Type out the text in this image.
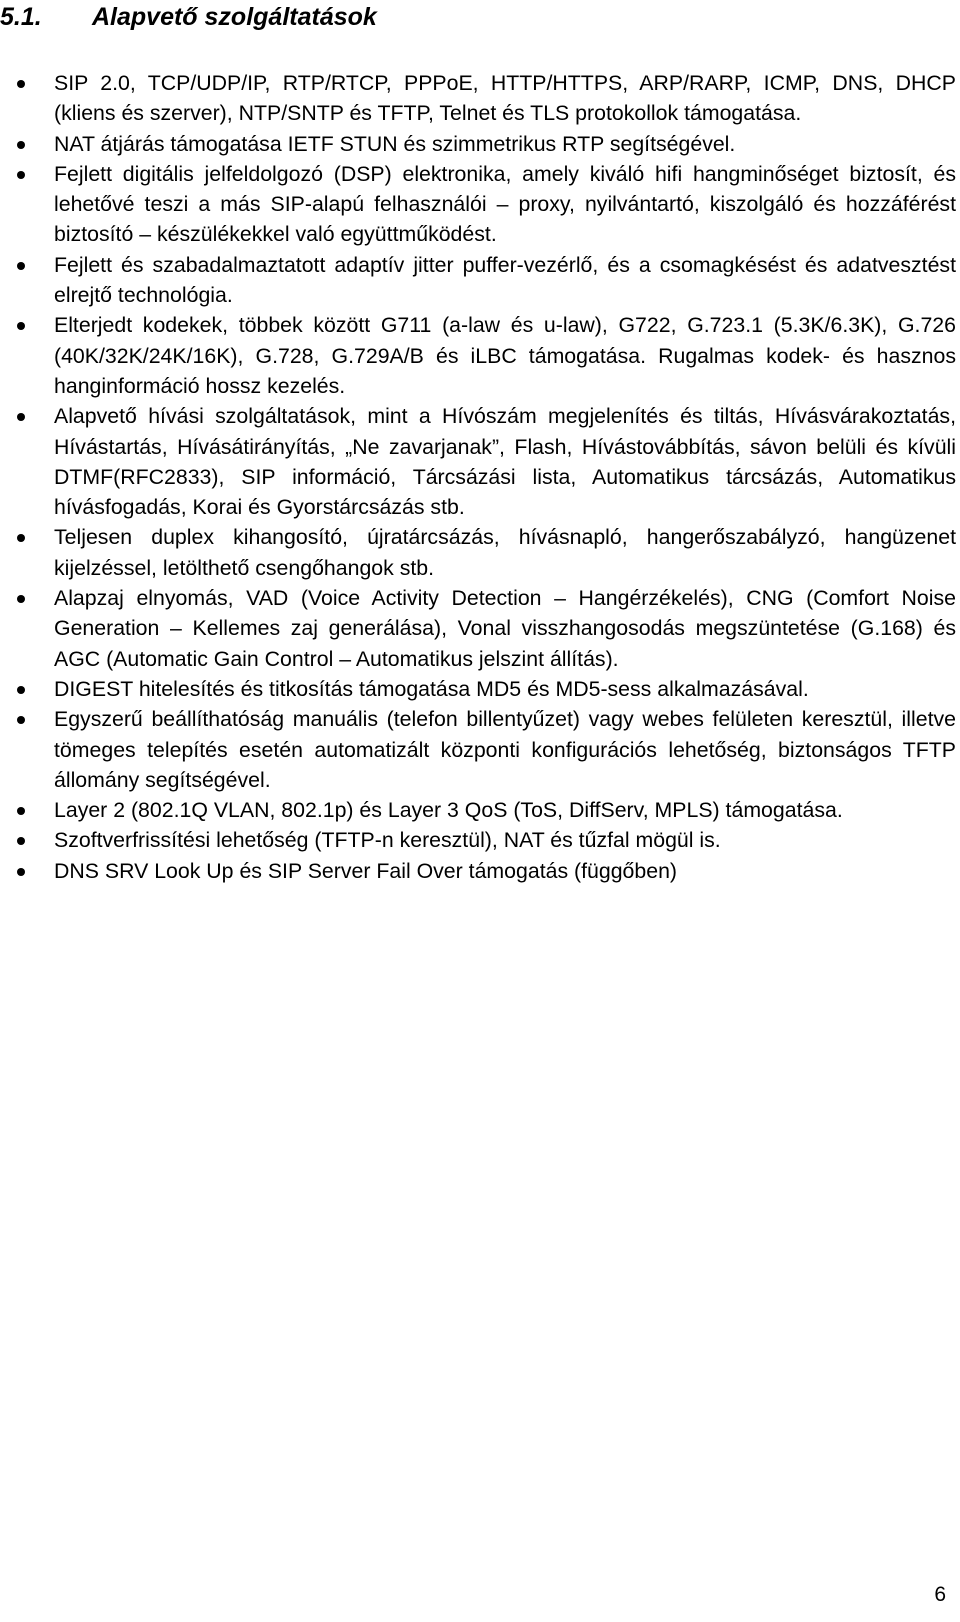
5.1. Alapvető szolgáltatások
SIP 2.0, TCP/UDP/IP, RTP/RTCP, PPPoE, HTTP/HTTPS, ARP/RARP, ICMP, DNS, DHCP (kliens és szerver), NTP/SNTP és TFTP, Telnet és TLS protokollok támogatása.
NAT átjárás támogatása IETF STUN és szimmetrikus RTP segítségével.
Fejlett digitális jelfeldolgozó (DSP) elektronika, amely kiváló hifi hangminőséget biztosít, és lehetővé teszi a más SIP-alapú felhasználói – proxy, nyilvántartó, kiszolgáló és hozzáférést biztosító – készülékekkel való együttműködést.
Fejlett és szabadalmaztatott adaptív jitter puffer-vezérlő, és a csomagkésést és adatvesztést elrejtő technológia.
Elterjedt kodekek, többek között G711 (a-law és u-law), G722, G.723.1 (5.3K/6.3K), G.726 (40K/32K/24K/16K), G.728, G.729A/B és iLBC támogatása. Rugalmas kodek- és hasznos hanginformáció hossz kezelés.
Alapvető hívási szolgáltatások, mint a Hívószám megjelenítés és tiltás, Hívásvárakoztatás, Hívástartás, Hívásátirányítás, „Ne zavarjanak”, Flash, Hívástovábbítás, sávon belüli és kívüli DTMF(RFC2833), SIP információ, Tárcsázási lista, Automatikus tárcsázás, Automatikus hívásfogadás, Korai és Gyorstárcsázás stb.
Teljesen duplex kihangosító, újratárcsázás, hívásnapló, hangerőszabályzó, hangüzenet kijelzéssel, letölthető csengőhangok stb.
Alapzaj elnyomás, VAD (Voice Activity Detection – Hangérzékelés), CNG (Comfort Noise Generation – Kellemes zaj generálása), Vonal visszhangosodás megszüntetése (G.168) és AGC (Automatic Gain Control – Automatikus jelszint állítás).
DIGEST hitelesítés és titkosítás támogatása MD5 és MD5-sess alkalmazásával.
Egyszerű beállíthatóság manuális (telefon billentyűzet) vagy webes felületen keresztül, illetve tömeges telepítés esetén automatizált központi konfigurációs lehetőség, biztonságos TFTP állomány segítségével.
Layer 2 (802.1Q VLAN, 802.1p) és Layer 3 QoS (ToS, DiffServ, MPLS) támogatása.
Szoftverfrissítési lehetőség (TFTP-n keresztül), NAT és tűzfal mögül is.
DNS SRV Look Up és SIP Server Fail Over támogatás (függőben)
6
